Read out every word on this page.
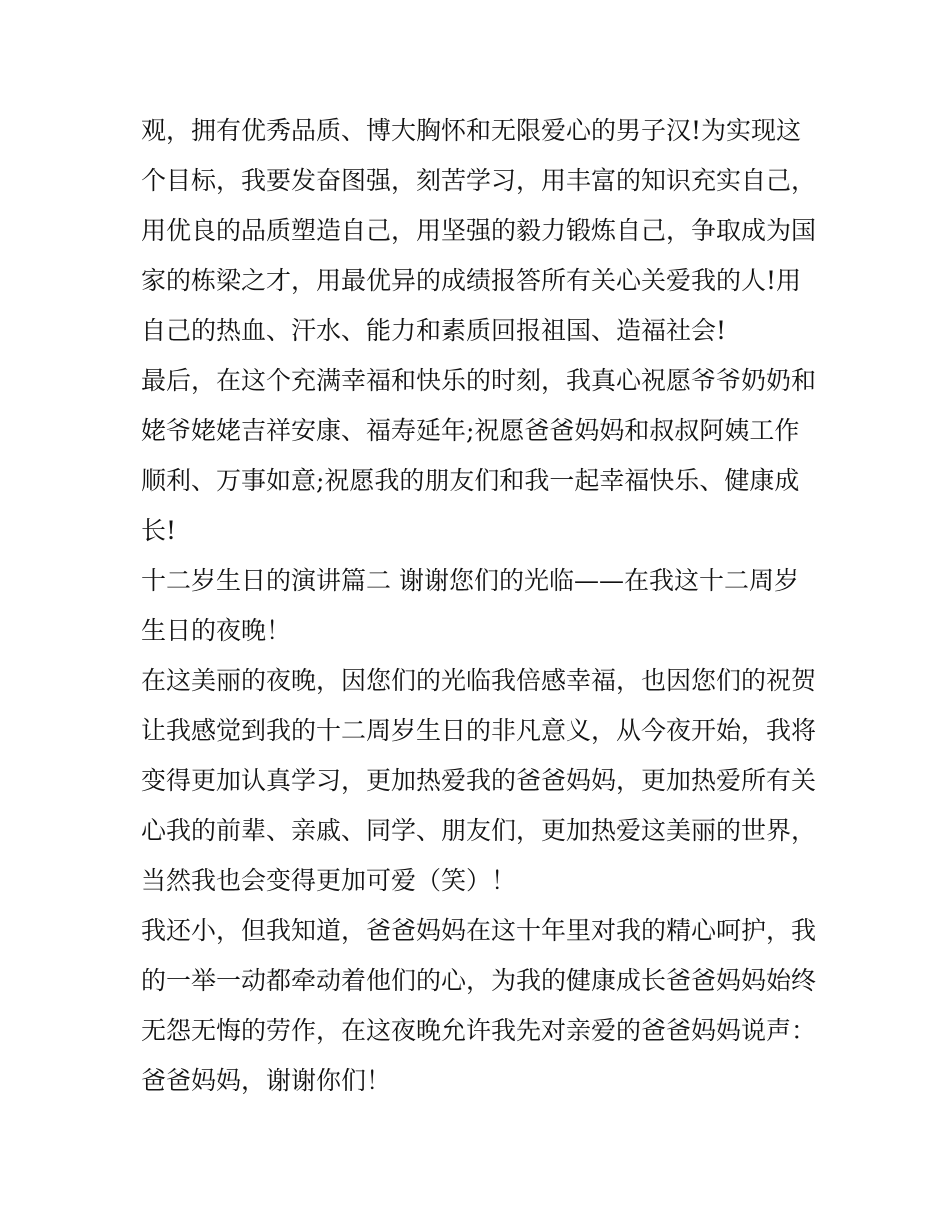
观，拥有优秀品质、博大胸怀和无限爱心的男子汉!为实现这
个目标，我要发奋图强，刻苦学习，用丰富的知识充实自己，
用优良的品质塑造自己，用坚强的毅力锻炼自己，争取成为国
家的栋梁之才，用最优异的成绩报答所有关心关爱我的人!用
自己的热血、汗水、能力和素质回报祖国、造福社会!
最后，在这个充满幸福和快乐的时刻，我真心祝愿爷爷奶奶和
姥爷姥姥吉祥安康、福寿延年;祝愿爸爸妈妈和叔叔阿姨工作
顺利、万事如意;祝愿我的朋友们和我一起幸福快乐、健康成
长!
十二岁生日的演讲篇二 谢谢您们的光临——在我这十二周岁
生日的夜晚！
在这美丽的夜晚，因您们的光临我倍感幸福，也因您们的祝贺
让我感觉到我的十二周岁生日的非凡意义，从今夜开始，我将
变得更加认真学习，更加热爱我的爸爸妈妈，更加热爱所有关
心我的前辈、亲戚、同学、朋友们，更加热爱这美丽的世界，
当然我也会变得更加可爱（笑）！
我还小，但我知道，爸爸妈妈在这十年里对我的精心呵护，我
的一举一动都牵动着他们的心，为我的健康成长爸爸妈妈始终
无怨无悔的劳作，在这夜晚允许我先对亲爱的爸爸妈妈说声：
爸爸妈妈，谢谢你们！
